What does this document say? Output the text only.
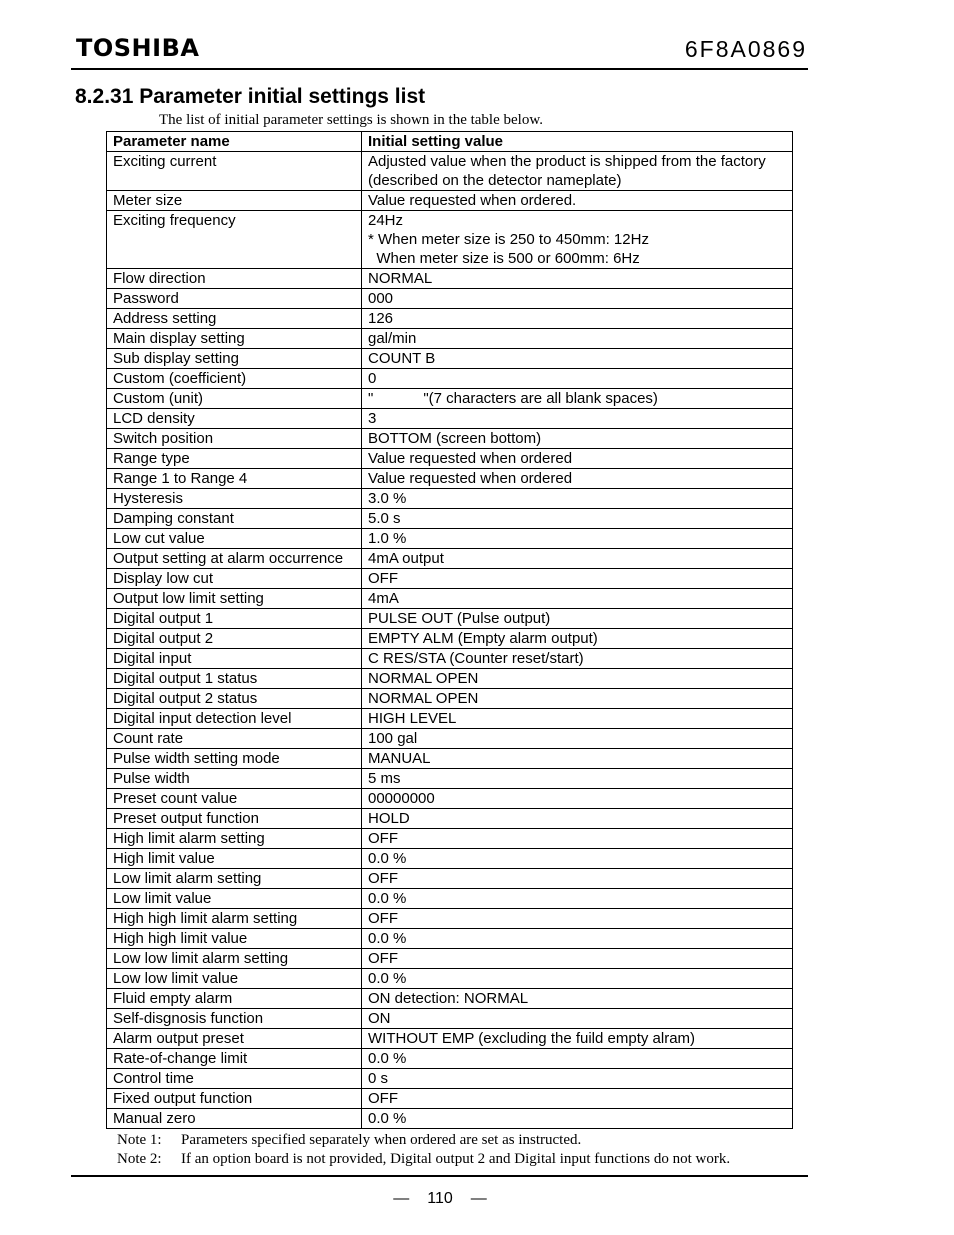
TOSHIBA	6F8A0869
8.2.31 Parameter initial settings list
The list of initial parameter settings is shown in the table below.
Parameter name	Initial setting value
Exciting current	Adjusted value when the product is shipped from the factory
(described on the detector nameplate)

Meter size	Value requested when ordered.

Exciting frequency	24Hz
* When meter size is 250 to 450mm: 12Hz
When meter size is 500 or 600mm: 6Hz

Flow direction	NORMAL

Password	000

Address setting	126

Main display setting	gal/min

Sub display setting	COUNT B

Custom (coefficient)	0

Custom (unit)	"            "(7 characters are all blank spaces)

LCD density	3

Switch position	BOTTOM (screen bottom)

Range type	Value requested when ordered

Range 1 to Range 4	Value requested when ordered

Hysteresis	3.0 %

Damping constant	5.0 s

Low cut value	1.0 %

Output setting at alarm occurrence	4mA output

Display low cut	OFF

Output low limit setting	4mA

Digital output 1	PULSE OUT (Pulse output)

Digital output 2	EMPTY ALM (Empty alarm output)

Digital input	C RES/STA (Counter reset/start)

Digital output 1 status	NORMAL OPEN

Digital output 2 status	NORMAL OPEN

Digital input detection level	HIGH LEVEL

Count rate	100 gal

Pulse width setting mode	MANUAL

Pulse width	5 ms

Preset count value	00000000

Preset output function	HOLD

High limit alarm setting	OFF

High limit value	0.0 %

Low limit alarm setting	OFF

Low limit value	0.0 %

High high limit alarm setting	OFF

High high limit value	0.0 %

Low low limit alarm setting	OFF

Low low limit value	0.0 %

Fluid empty alarm	ON detection: NORMAL

Self-disgnosis function	ON

Alarm output preset	WITHOUT EMP (excluding the fuild empty alram)

Rate-of-change limit	0.0 %

Control time	0 s

Fixed output function	OFF

Manual zero	0.0 %
Note 1:	Parameters specified separately when ordered are set as instructed.
Note 2:	If an option board is not provided, Digital output 2 and Digital input functions do not work.
— 110 —
